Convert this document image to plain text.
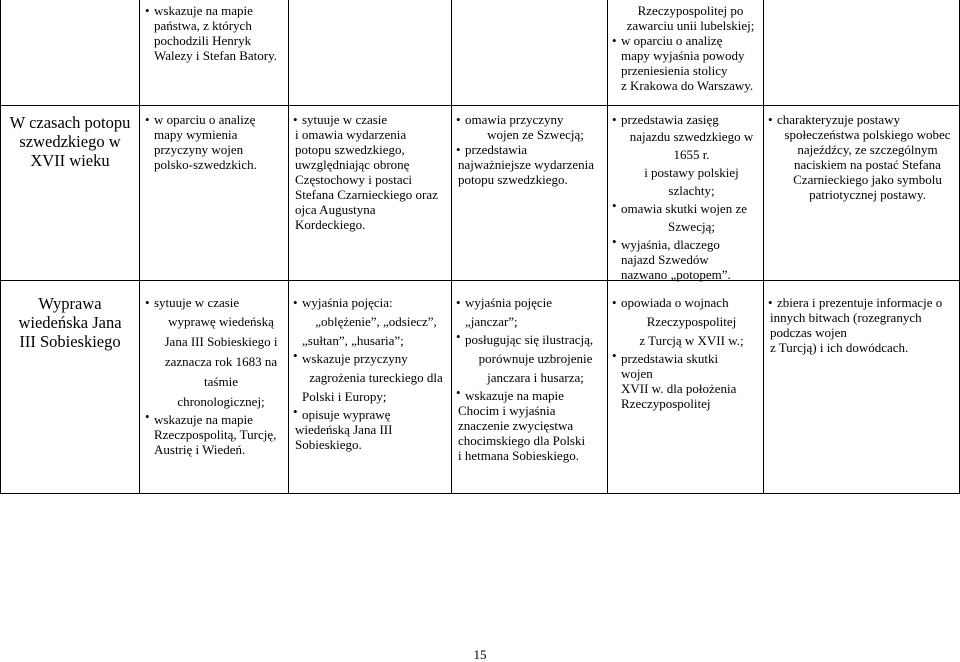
• wskazuje na mapie
państwa, z których
pochodzili Henryk
Walezy i Stefan Batory.
Rzeczypospolitej po
zawarciu unii lubelskiej;
• w oparciu o analizę
mapy wyjaśnia powody
przeniesienia stolicy
z Krakowa do Warszawy.
W czasach potopu
szwedzkiego w
XVII wieku
• w oparciu o analizę
mapy wymienia
przyczyny wojen
polsko-szwedzkich.
• sytuuje w czasie
i omawia wydarzenia
potopu szwedzkiego,
uwzględniając obronę
Częstochowy i postaci
Stefana Czarnieckiego oraz
ojca Augustyna
Kordeckiego.
• omawia przyczyny
wojen ze Szwecją;
• przedstawia
najważniejsze wydarzenia
potopu szwedzkiego.
• przedstawia zasięg
najazdu szwedzkiego w
1655 r.
i postawy polskiej
szlachty;
• omawia skutki wojen ze
Szwecją;
• wyjaśnia, dlaczego
najazd Szwedów
nazwano „potopem”.
• charakteryzuje postawy
społeczeństwa polskiego wobec
najeźdźcy, ze szczególnym
naciskiem na postać Stefana
Czarnieckiego jako symbolu
patriotycznej postawy.
Wyprawa
wiedeńska Jana
III Sobieskiego
• sytuuje w czasie
wyprawę wiedeńską
Jana III Sobieskiego i
zaznacza rok 1683 na
taśmie
chronologicznej;
• wskazuje na mapie
Rzeczpospolitą, Turcję,
Austrię i Wiedeń.
• wyjaśnia pojęcia:
„oblężenie”, „odsiecz”,
„sułtan”, „husaria”;
• wskazuje przyczyny
zagrożenia tureckiego dla
Polski i Europy;
• opisuje wyprawę
wiedeńską Jana III
Sobieskiego.
• wyjaśnia pojęcie
„janczar”;
• posługując się ilustracją,
porównuje uzbrojenie
janczara i husarza;
• wskazuje na mapie
Chocim i wyjaśnia
znaczenie zwycięstwa
chocimskiego dla Polski
i hetmana Sobieskiego.
• opowiada o wojnach
Rzeczypospolitej
z Turcją w XVII w.;
• przedstawia skutki
wojen
XVII w. dla położenia
Rzeczypospolitej
• zbiera i prezentuje informacje o
innych bitwach (rozegranych
podczas wojen
z Turcją) i ich dowódcach.
15
